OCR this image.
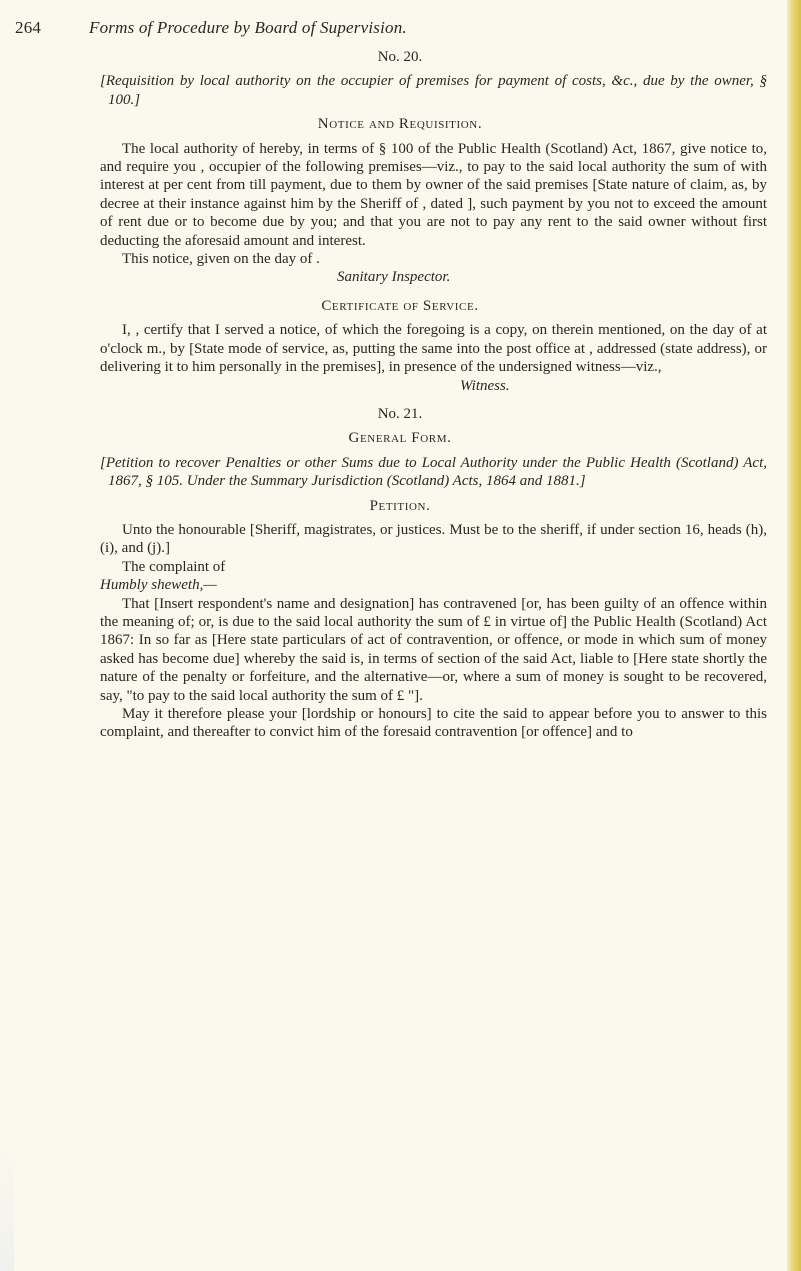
264	Forms of Procedure by Board of Supervision.
No. 20.

[Requisition by local authority on the occupier of premises for payment of costs, &c., due by the owner, § 100.]

Notice and Requisition.

The local authority of hereby, in terms of § 100 of the Public Health (Scotland) Act, 1867, give notice to, and require you , occupier of the following premises—viz., to pay to the said local authority the sum of with interest at per cent from till payment, due to them by owner of the said premises [State nature of claim, as, by decree at their instance against him by the Sheriff of , dated ], such payment by you not to exceed the amount of rent due or to become due by you; and that you are not to pay any rent to the said owner without first deducting the aforesaid amount and interest.

This notice, given on the day of .

Sanitary Inspector.
Certificate of Service.

I, , certify that I served a notice, of which the foregoing is a copy, on therein mentioned, on the day of at o'clock m., by [State mode of service, as, putting the same into the post office at , addressed (state address), or delivering it to him personally in the premises], in presence of the undersigned witness—viz.,

Witness.
No. 21.
General Form.

[Petition to recover Penalties or other Sums due to Local Authority under the Public Health (Scotland) Act, 1867, § 105. Under the Summary Jurisdiction (Scotland) Acts, 1864 and 1881.]

Petition.

Unto the honourable [Sheriff, magistrates, or justices. Must be to the sheriff, if under section 16, heads (h), (i), and (j).]

The complaint of

Humbly sheweth,—

That [Insert respondent's name and designation] has contravened [or, has been guilty of an offence within the meaning of; or, is due to the said local authority the sum of £ in virtue of] the Public Health (Scotland) Act 1867: In so far as [Here state particulars of act of contravention, or offence, or mode in which sum of money asked has become due] whereby the said is, in terms of section of the said Act, liable to [Here state shortly the nature of the penalty or forfeiture, and the alternative—or, where a sum of money is sought to be recovered, say, "to pay to the said local authority the sum of £ "].

May it therefore please your [lordship or honours] to cite the said to appear before you to answer to this complaint, and thereafter to convict him of the foresaid contravention [or offence] and to
